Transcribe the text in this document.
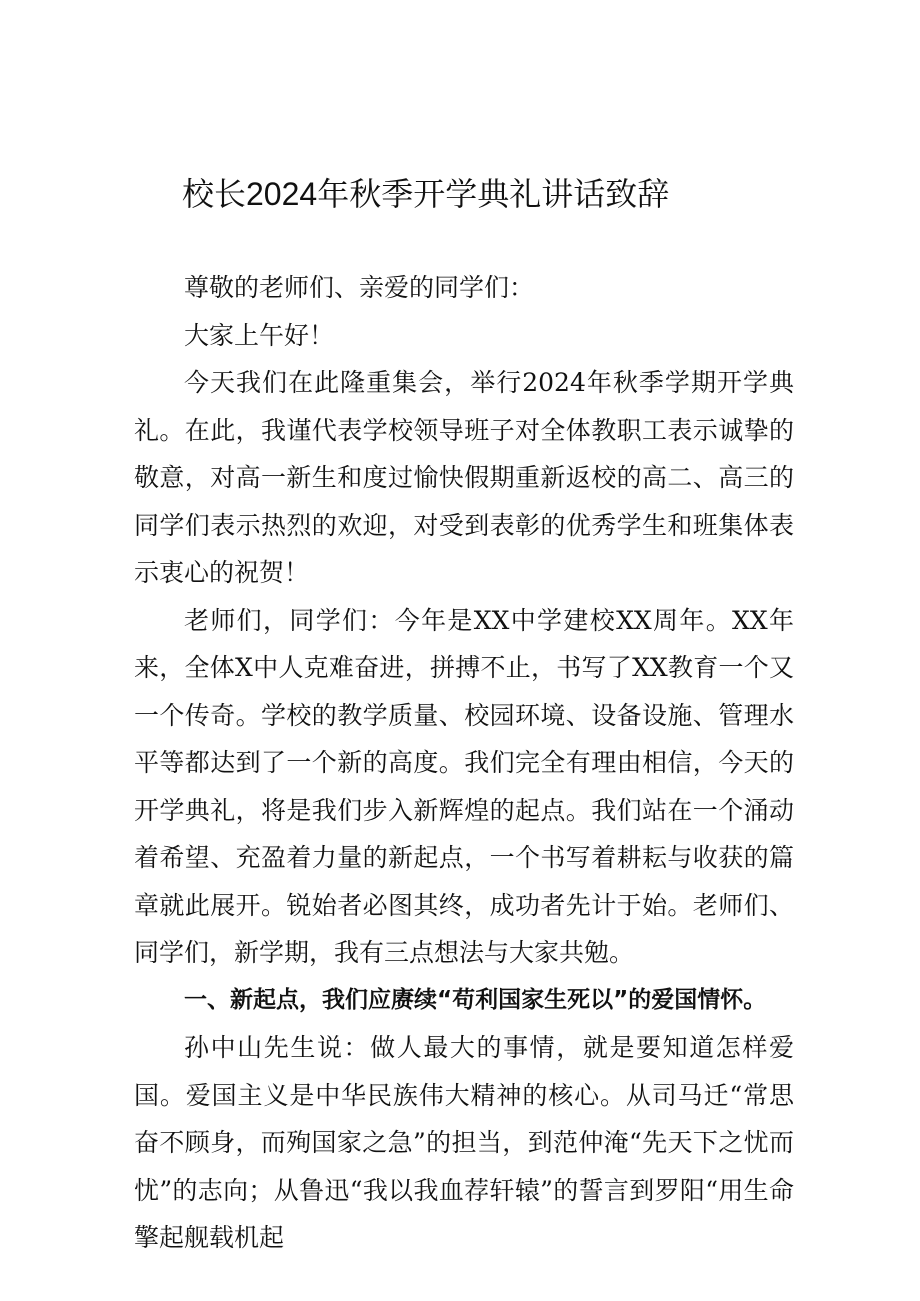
校长2024年秋季开学典礼讲话致辞

尊敬的老师们、亲爱的同学们：

大家上午好！

今天我们在此隆重集会，举行2024年秋季学期开学典礼。在此，我谨代表学校领导班子对全体教职工表示诚挚的敬意，对高一新生和度过愉快假期重新返校的高二、高三的同学们表示热烈的欢迎，对受到表彰的优秀学生和班集体表示衷心的祝贺！

老师们，同学们：今年是XX中学建校XX周年。XX年来，全体X中人克难奋进，拼搏不止，书写了XX教育一个又一个传奇。学校的教学质量、校园环境、设备设施、管理水平等都达到了一个新的高度。我们完全有理由相信，今天的开学典礼，将是我们步入新辉煌的起点。我们站在一个涌动着希望、充盈着力量的新起点，一个书写着耕耘与收获的篇章就此展开。锐始者必图其终，成功者先计于始。老师们、同学们，新学期，我有三点想法与大家共勉。

一、新起点，我们应赓续“苟利国家生死以”的爱国情怀。

孙中山先生说：做人最大的事情，就是要知道怎样爱国。爱国主义是中华民族伟大精神的核心。从司马迁“常思奋不顾身，而殉国家之急”的担当，到范仲淹“先天下之忧而忧”的志向；从鲁迅“我以我血荐轩辕”的誓言到罗阳“用生命擎起舰载机起
